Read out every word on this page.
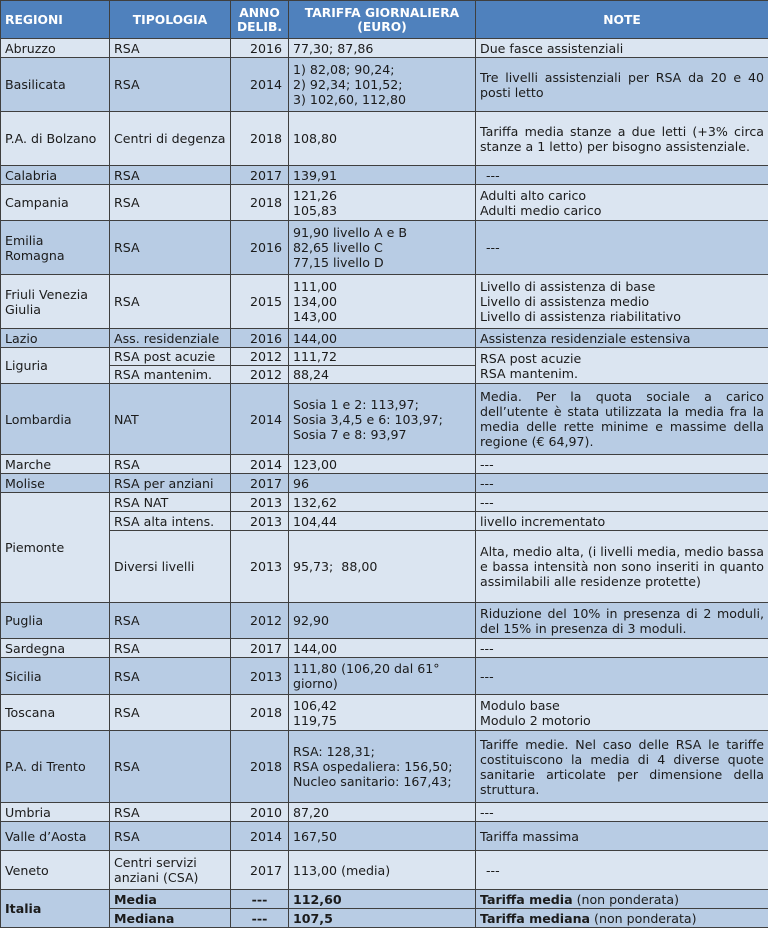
REGIONI	TIPOLOGIA	ANNO DELIB.	TARIFFA GIORNALIERA (EURO)	NOTE
Abruzzo	RSA	2016	77,30; 87,86	Due fasce assistenziali
Basilicata	RSA	2014	1) 82,08; 90,24;
2) 92,34; 101,52;
3) 102,60, 112,80	Tre livelli assistenziali per RSA da 20 e 40 posti letto
P.A. di Bolzano	Centri di degenza	2018	108,80	Tariffa media stanze a due letti (+3% circa stanze a 1 letto) per bisogno assistenziale.
Calabria	RSA	2017	139,91	---
Campania	RSA	2018	121,26
105,83	Adulti alto carico
Adulti medio carico

Emilia Romagna	RSA	2016	91,90 livello A e B
82,65 livello C
77,15 livello D	---
Friuli Venezia Giulia	RSA	2015	111,00
134,00
143,00	Livello di assistenza di base
Livello di assistenza medio
Livello di assistenza riabilitativo

Lazio	Ass. residenziale	2016	144,00	Assistenza residenziale estensiva
Liguria	RSA post acuzie	2012	111,72	RSA post acuzie
RSA mantenim.

	RSA mantenim.	2012	88,24	
Lombardia	NAT	2014	Sosia 1 e 2: 113,97;
Sosia 3,4,5 e 6: 103,97;
Sosia 7 e 8: 93,97	Media. Per la quota sociale a carico dell’utente è stata utilizzata la media fra la media delle rette minime e massime della regione (€ 64,97).
Marche	RSA	2014	123,00	---
Molise	RSA per anziani	2017	96	---
Piemonte	RSA NAT	2013	132,62	---
	RSA alta intens.	2013	104,44	livello incrementato
	Diversi livelli	2013	95,73;  88,00	Alta, medio alta, (i livelli media, medio bassa e bassa intensità non sono inseriti in quanto assimilabili alle residenze protette)
Puglia	RSA	2012	92,90	Riduzione del 10% in presenza di 2 moduli, del 15% in presenza di 3 moduli.
Sardegna	RSA	2017	144,00	---
Sicilia	RSA	2013	111,80 (106,20 dal 61° giorno)	---
Toscana	RSA	2018	106,42
119,75	Modulo base
Modulo 2 motorio

P.A. di Trento	RSA	2018	RSA: 128,31;
RSA ospedaliera: 156,50;
Nucleo sanitario: 167,43;	Tariffe medie. Nel caso delle RSA le tariffe costituiscono la media di 4 diverse quote sanitarie articolate per dimensione della struttura.
Umbria	RSA	2010	87,20	---
Valle d’Aosta	RSA	2014	167,50	Tariffa massima
Veneto	Centri servizi anziani (CSA)	2017	113,00 (media)	---
Italia	Media	---	112,60	Tariffa media (non ponderata)
	Mediana	---	107,5	Tariffa mediana (non ponderata)
